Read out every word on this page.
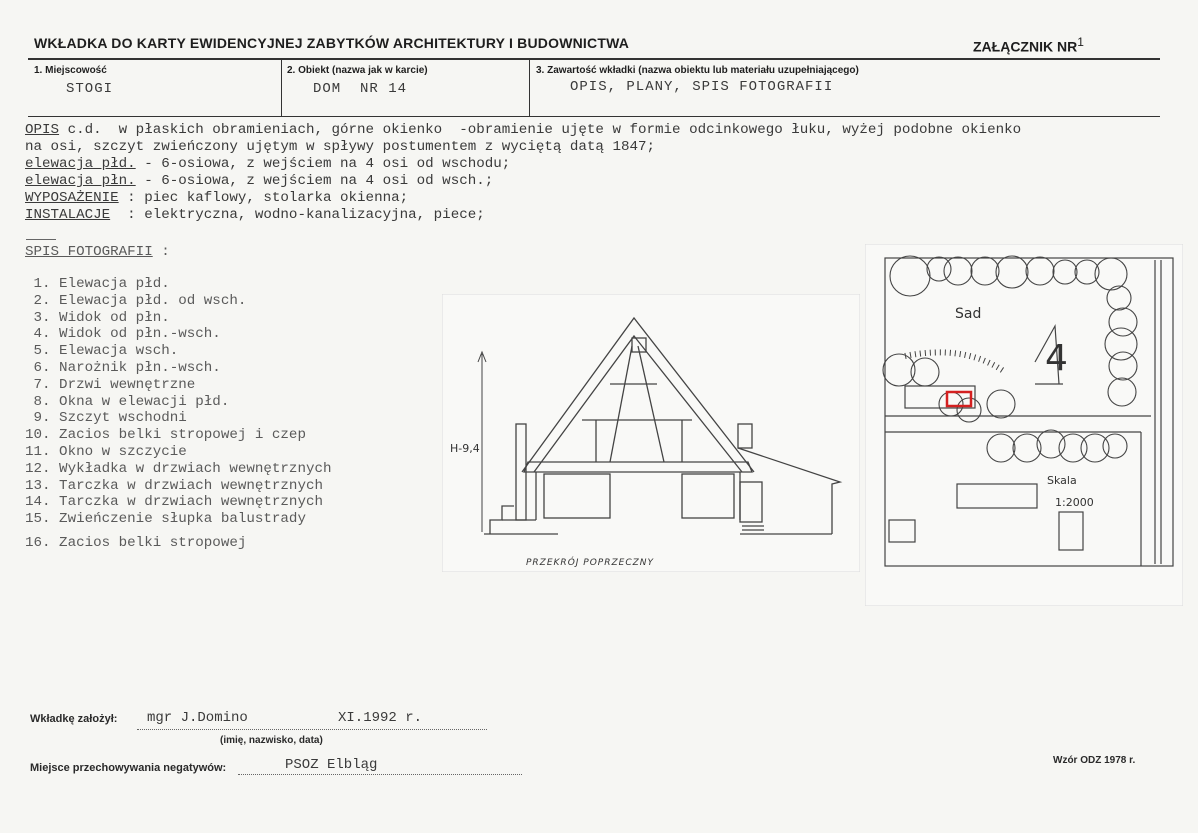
WKŁADKA DO KARTY EWIDENCYJNEJ ZABYTKÓW ARCHITEKTURY I BUDOWNICTWA	ZAŁĄCZNIK $NR^1$
1. Miejscowość
STOGI
2. Obiekt (nazwa jak w karcie)
DOM  NR 14
3. Zawartość wkładki (nazwa obiektu lub materiału uzupełniającego)
OPIS, PLANY, SPIS FOTOGRAFII
OPIS c.d.  w płaskich obramieniach, górne okienko  -obramienie ujęte w formie odcinkowego łuku, wyżej podobne okienko
na osi, szczyt zwieńczony ujętym w spływy postumentem z wyciętą datą 1847;
elewacja płd. - 6-osiowa, z wejściem na 4 osi od wschodu;
elewacja płn. - 6-osiowa, z wejściem na 4 osi od wsch.;
WYPOSAŻENIE : piec kaflowy, stolarka okienna;
INSTALACJE  : elektryczna, wodno-kanalizacyjna, piece;
SPIS FOTOGRAFII :
1. Elewacja płd.
2. Elewacja płd. od wsch.
3. Widok od płn.
4. Widok od płn.-wsch.
5. Elewacja wsch.
6. Narożnik płn.-wsch.
7. Drzwi wewnętrzne
8. Okna w elewacji płd.
9. Szczyt wschodni
10. Zacios belki stropowej i czep
11. Okno w szczycie
12. Wykładka w drzwiach wewnętrznych
13. Tarczka w drzwiach wewnętrznych
14. Tarczka w drzwiach wewnętrznych
15. Zwieńczenie słupka balustrady
16. Zacios belki stropowej
H-9,4
PRZEKRÓJ POPRZECZNY
Sad
4
Skala
1:2000
Wkładkę założył: mgr J.Domino	XI.1992 r.
(imię, nazwisko, data)
Miejsce przechowywania negatywów:	PSOZ Elbląg	Wzór ODZ 1978 r.
